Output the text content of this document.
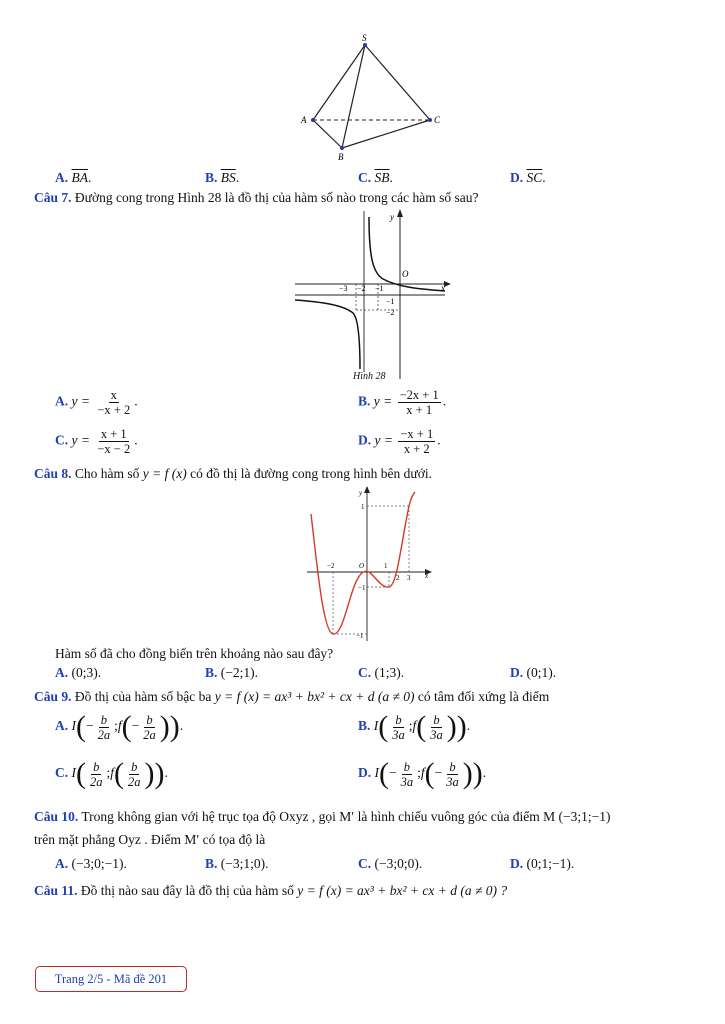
S
A
B
C
A. $\overline{BA}$.	B. $\overline{BS}$.	C. $\overline{SB}$.	D. $\overline{SC}$.
Câu 7. Đường cong trong Hình 28 là đồ thị của hàm số nào trong các hàm số sau?
y
x
O
−3 −2 −1
−1
−2
Hình 28
A. $y = \frac{x}{-x + 2}$ .	B. $y = \frac{-2x + 1}{x + 1}$ .
C. $y = \frac{x + 1}{-x - 2}$ .	D. $y = \frac{-x + 1}{x + 2}$ .
Câu 8. Cho hàm số y = f (x) có đồ thị là đường cong trong hình bên dưới.
y
x
O
−2
1
1
2 3
−1
−1
Hàm số đã cho đồng biến trên khoảng nào sau đây?
A. (0;3).	B. (−2;1).	C. (1;3).	D. (0;1).
Câu 9. Đồ thị của hàm số bậc ba y = f (x) = ax³ + bx² + cx + d (a ≠ 0) có tâm đối xứng là điểm
A. $I(- \frac{b}{2a}$ ;f(− $\frac{b}{2a}$ )).	B. $I( \frac{b}{3a}$ ;f( $\frac{b}{3a}$ )).
C. $I( \frac{b}{2a}$ ;f( $\frac{b}{2a}$ )).	D. $I(- \frac{b}{3a}$ ;f(− $\frac{b}{3a}$ )).
Câu 10. Trong không gian với hệ trục tọa độ Oxyz , gọi M′ là hình chiếu vuông góc của điểm M (−3;1;−1)
trên mặt phẳng Oyz . Điểm M′ có tọa độ là
A. (−3;0;−1).	B. (−3;1;0).	C. (−3;0;0).	D. (0;1;−1).
Câu 11. Đồ thị nào sau đây là đồ thị của hàm số y = f (x) = ax³ + bx² + cx + d (a ≠ 0) ?
Trang 2/5 - Mã đề 201
